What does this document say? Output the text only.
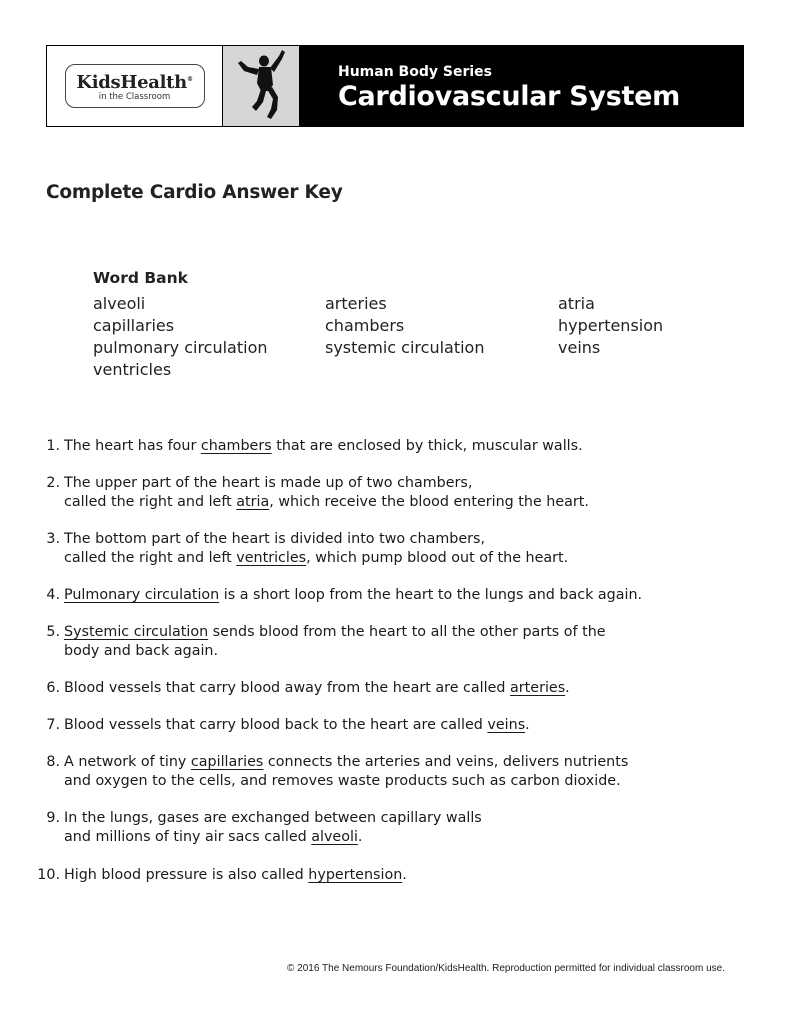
KidsHealth®
in the Classroom
Human Body Series
Cardiovascular System
Complete Cardio Answer Key
Word Bank
alveoli	arteries	atria
capillaries	chambers	hypertension
pulmonary circulation	systemic circulation	veins
ventricles
1. The heart has four chambers that are enclosed by thick, muscular walls.
2. The upper part of the heart is made up of two chambers,
called the right and left atria, which receive the blood entering the heart.
3. The bottom part of the heart is divided into two chambers,
called the right and left ventricles, which pump blood out of the heart.
4. Pulmonary circulation is a short loop from the heart to the lungs and back again.
5. Systemic circulation sends blood from the heart to all the other parts of the
body and back again.
6. Blood vessels that carry blood away from the heart are called arteries.
7. Blood vessels that carry blood back to the heart are called veins.
8. A network of tiny capillaries connects the arteries and veins, delivers nutrients
and oxygen to the cells, and removes waste products such as carbon dioxide.
9. In the lungs, gases are exchanged between capillary walls
and millions of tiny air sacs called alveoli.
10. High blood pressure is also called hypertension.
© 2016 The Nemours Foundation/KidsHealth. Reproduction permitted for individual classroom use.
